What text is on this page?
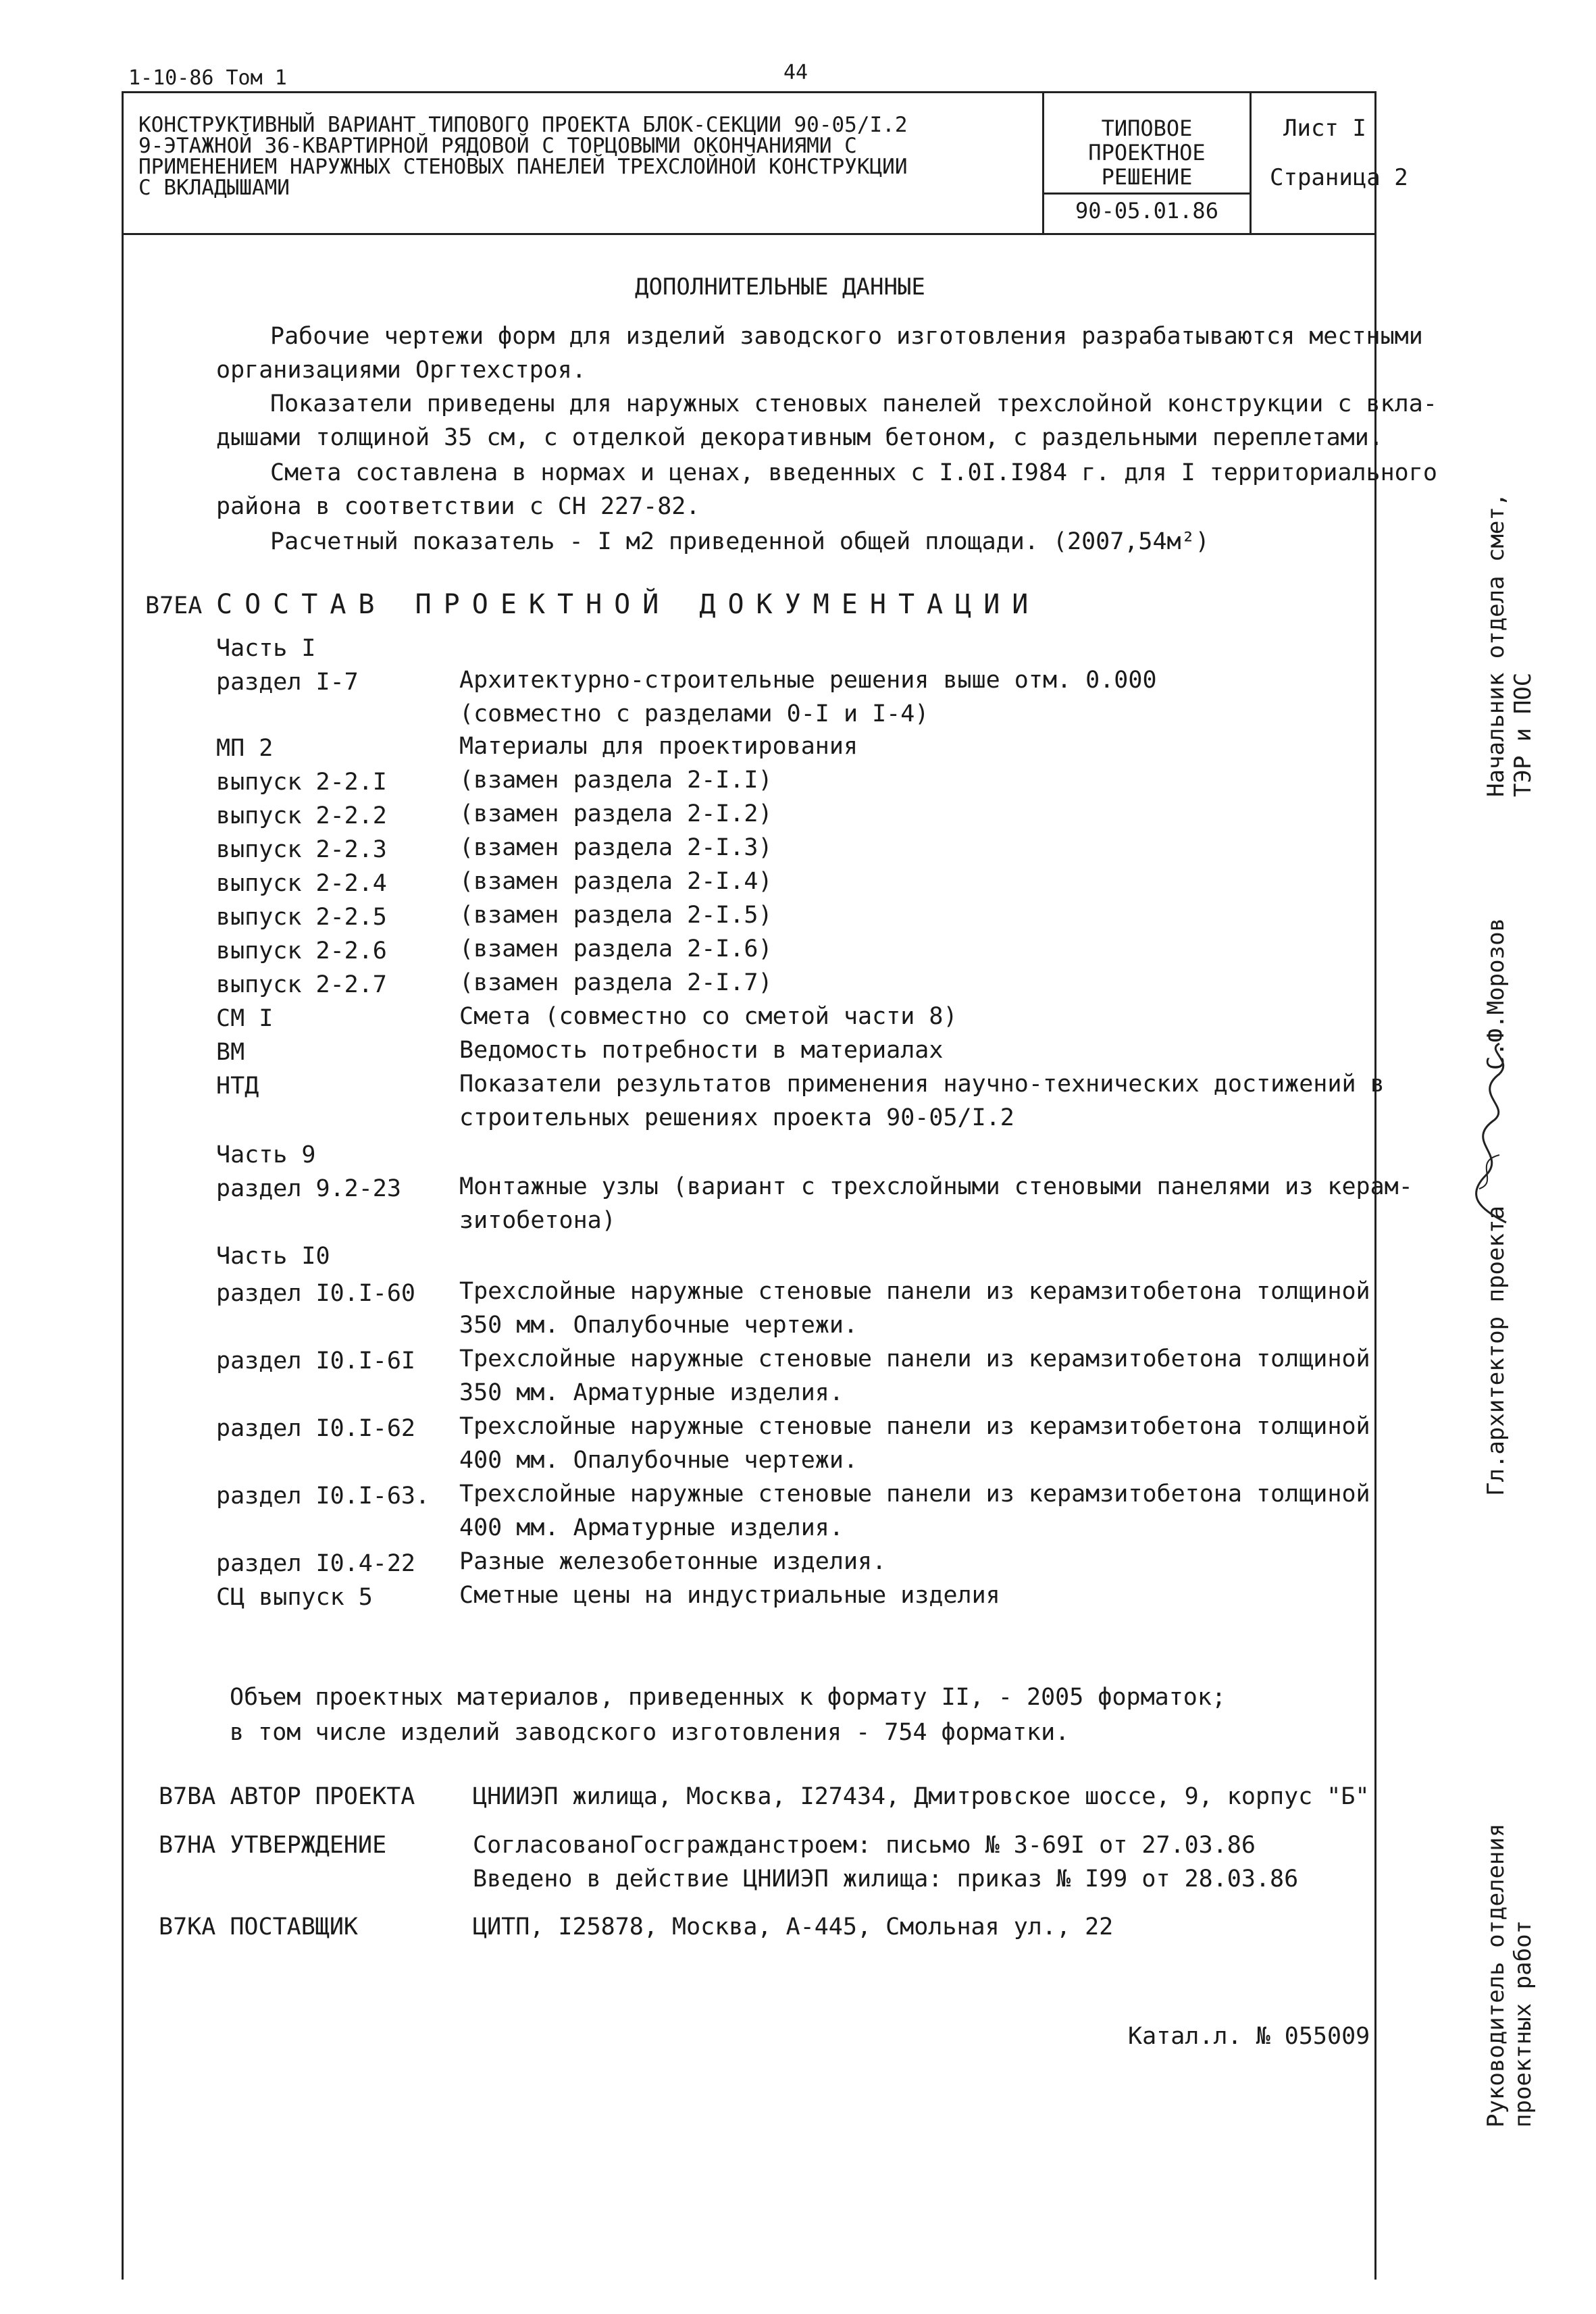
1-10-86 Том 1	44
КОНСТРУКТИВНЫЙ ВАРИАНТ ТИПОВОГО ПРОЕКТА БЛОК-СЕКЦИИ 90-05/I.2
9-ЭТАЖНОЙ 36-КВАРТИРНОЙ РЯДОВОЙ С ТОРЦОВЫМИ ОКОНЧАНИЯМИ С
ПРИМЕНЕНИЕМ НАРУЖНЫХ СТЕНОВЫХ ПАНЕЛЕЙ ТРЕХСЛОЙНОЙ КОНСТРУКЦИИ
С ВКЛАДЫШАМИ
ТИПОВОЕ
ПРОЕКТНОЕ
РЕШЕНИЕ
90-05.01.86
Лист I
Страница 2
ДОПОЛНИТЕЛЬНЫЕ ДАННЫЕ
Рабочие чертежи форм для изделий заводского изготовления разрабатываются местными
организациями Оргтехстроя.
Показатели приведены для наружных стеновых панелей трехслойной конструкции с вкла-
дышами толщиной 35 см, с отделкой декоративным бетоном, с раздельными переплетами.
Смета составлена в нормах и ценах, введенных с I.0I.I984 г. для I территориального
района в соответствии с СН 227-82.
Расчетный показатель - I м2 приведенной общей площади. (2007,54м²)
В7ЕА СОСТАВ ПРОЕКТНОЙ ДОКУМЕНТАЦИИ
Часть I
раздел I-7	Архитектурно-строительные решения выше отм. 0.000
(совместно с разделами 0-I и I-4)
МП 2	Материалы для проектирования
выпуск 2-2.I	(взамен раздела 2-I.I)
выпуск 2-2.2	(взамен раздела 2-I.2)
выпуск 2-2.3	(взамен раздела 2-I.3)
выпуск 2-2.4	(взамен раздела 2-I.4)
выпуск 2-2.5	(взамен раздела 2-I.5)
выпуск 2-2.6	(взамен раздела 2-I.6)
выпуск 2-2.7	(взамен раздела 2-I.7)
СМ I	Смета (совместно со сметой части 8)
ВМ	Ведомость потребности в материалах
НТД	Показатели результатов применения научно-технических достижений в
строительных решениях проекта 90-05/I.2
Часть 9
раздел 9.2-23 Монтажные узлы (вариант с трехслойными стеновыми панелями из керам-
зитобетона)
Часть I0
раздел I0.I-60 Трехслойные наружные стеновые панели из керамзитобетона толщиной
350 мм. Опалубочные чертежи.
раздел I0.I-6I Трехслойные наружные стеновые панели из керамзитобетона толщиной
350 мм. Арматурные изделия.
раздел I0.I-62 Трехслойные наружные стеновые панели из керамзитобетона толщиной
400 мм. Опалубочные чертежи.
раздел I0.I-63. Трехслойные наружные стеновые панели из керамзитобетона толщиной
400 мм. Арматурные изделия.
раздел I0.4-22 Разные железобетонные изделия.
СЦ выпуск 5	Сметные цены на индустриальные изделия
Объем проектных материалов, приведенных к формату II, - 2005 форматок;
в том числе изделий заводского изготовления - 754 форматки.
В7ВА АВТОР ПРОЕКТА ЦНИИЭП жилища, Москва, I27434, Дмитровское шоссе, 9, корпус "Б"
В7НА УТВЕРЖДЕНИЕ	СогласованоГосгражданстроем: письмо № 3-69I от 27.03.86
Введено в действие ЦНИИЭП жилища: приказ № I99 от 28.03.86
В7КА ПОСТАВЩИК	ЦИТП, I25878, Москва, А-445, Смольная ул., 22
Катал.л. № 055009
Начальник отдела смет, ТЭР и ПОС
Гл.архитектор проекта  С.Ф.Морозов
Руководитель отделения проектных работ
